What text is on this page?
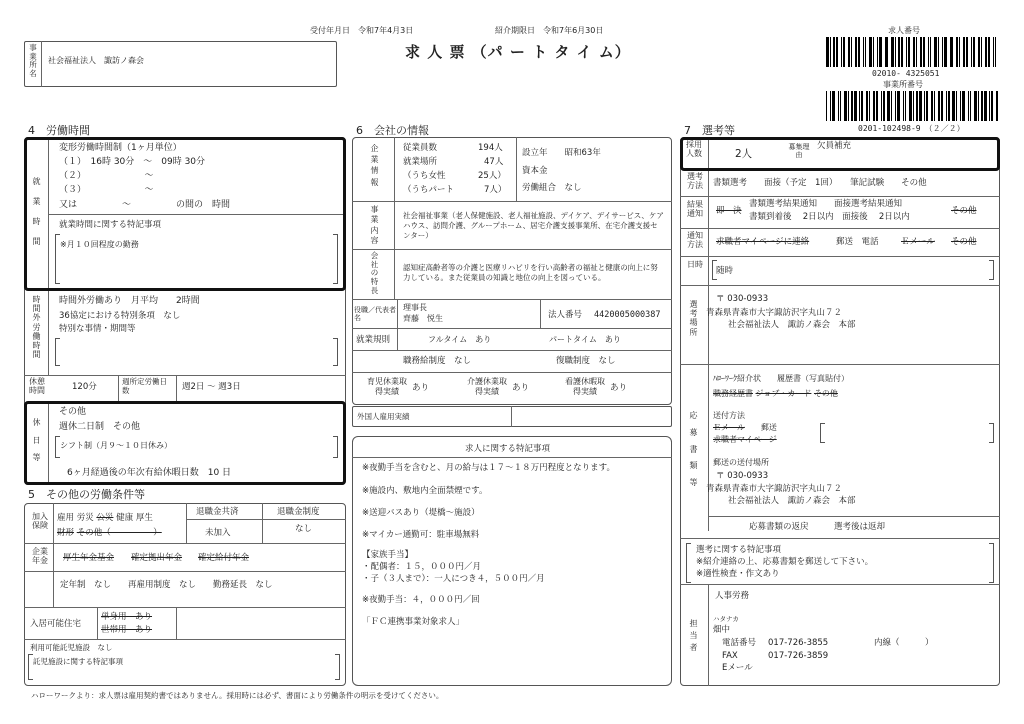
受付年月日　令和7年4月3日	紹介期限日　令和7年6月30日
求 人 票 （パ ー ト タ イ ム）
求人番号
02010- 4325051
事業所番号
0201-102498-9　（２／２）
事業所名
社会福祉法人　諏訪ノ森会
4　労働時間
就業時間
変形労働時間制（1ヶ月単位）
（１）　16時 30分　～　09時 30分
（２）　　　　　　　～
（３）　　　　　　　～
又は　　　　　～　　　　　の間の　時間
就業時間に関する特記事項
※月１０回程度の勤務
時間外労働時間
時間外労働あり　月平均　　2時間
36協定における特別条項　なし
特別な事情・期間等
休憩時間	120分
週所定労働日数	週2日 ～ 週3日
休日等
その他
週休二日制　その他
シフト制（月９～１０日休み）
6ヶ月経過後の年次有給休暇日数　10 日
5　その他の労働条件等
加入保険
雇用 労災 公災 健康 厚生
財形 その他（　　　　　）
退職金共済
未加入
退職金制度
なし
企業年金	厚生年金基金 確定拠出年金 確定給付年金
定年制　なし　　再雇用制度　なし　　勤務延長　なし
入居可能住宅
単身用　あり
世帯用　あり
利用可能託児施設　なし
託児施設に関する特記事項
6　会社の情報
企業情報
従業員数	194人
就業場所	47人
（うち女性	25人）
（うちパート	7人）
設立年　　昭和63年
資本金
労働組合　なし
事業内容
社会福祉事業（老人保健施設、老人福祉施設、デイケア、デイサービス、ケアハウス、訪問介護、グループホーム、居宅介護支援事業所、在宅介護支援センター）
会社の特長
認知症高齢者等の介護と医療リハビリを行い高齢者の福祉と健康の向上に努力している。また従業員の知識と地位の向上を図っている。
役職／代表者名
理事長
齊藤　悦生	法人番号 4420005000387
就業規則	フルタイム　あり	パートタイム　あり
職務給制度　なし	復職制度　なし
育児休業取得実績	あり
介護休業取得実績	あり
看護休暇取得実績	あり
外国人雇用実績
求人に関する特記事項
※夜勤手当を含むと、月の給与は１７～１８万円程度となります。
※施設内、敷地内全面禁煙です。
※送迎バスあり（堤橋～施設）
※マイカー通勤可：駐車場無料
【家族手当】
・配偶者：１５，０００円／月
・子（３人まで）：一人につき４，５００円／月
※夜勤手当：４，０００円／回
「ＦＣ連携事業対象求人」
7　選考等
採用人数	2人
募集理由
欠員補充
選考方法	書類選考　　面接（予定　1回）　　筆記試験　　その他
結果通知	即　決
書類選考結果通知　　面接選考結果通知
書類到着後　 2日以内　面接後　 2日以内
その他
通知方法	求職者マイページに連絡	郵送　電話	Ｅメール その他
日時
随時
選考場所
〒 030-0933
青森県青森市大字諏訪沢字丸山７２
社会福祉法人　諏訪ノ森会　本部
応募書類等
ﾊﾛｰﾜｰｸ紹介状　　履歴書（写真貼付）
職務経歴書 ジョブ・カード その他
送付方法
Ｅメール　　 郵送
求職者マイページ
郵送の送付場所
〒 030-0933
青森県青森市大字諏訪沢字丸山７２
社会福祉法人　諏訪ノ森会　本部
応募書類の返戻　　　選考後は返却
選考に関する特記事項
※紹介連絡の上、応募書類を郵送して下さい。
※適性検査・作文あり
担当者
人事労務
ハタナカ
畑中
電話番号 017-726-3855	内線（　　　）
FAX	017-726-3859
Eメール
ハローワークより：求人票は雇用契約書ではありません。採用時には必ず、書面により労働条件の明示を受けてください。
